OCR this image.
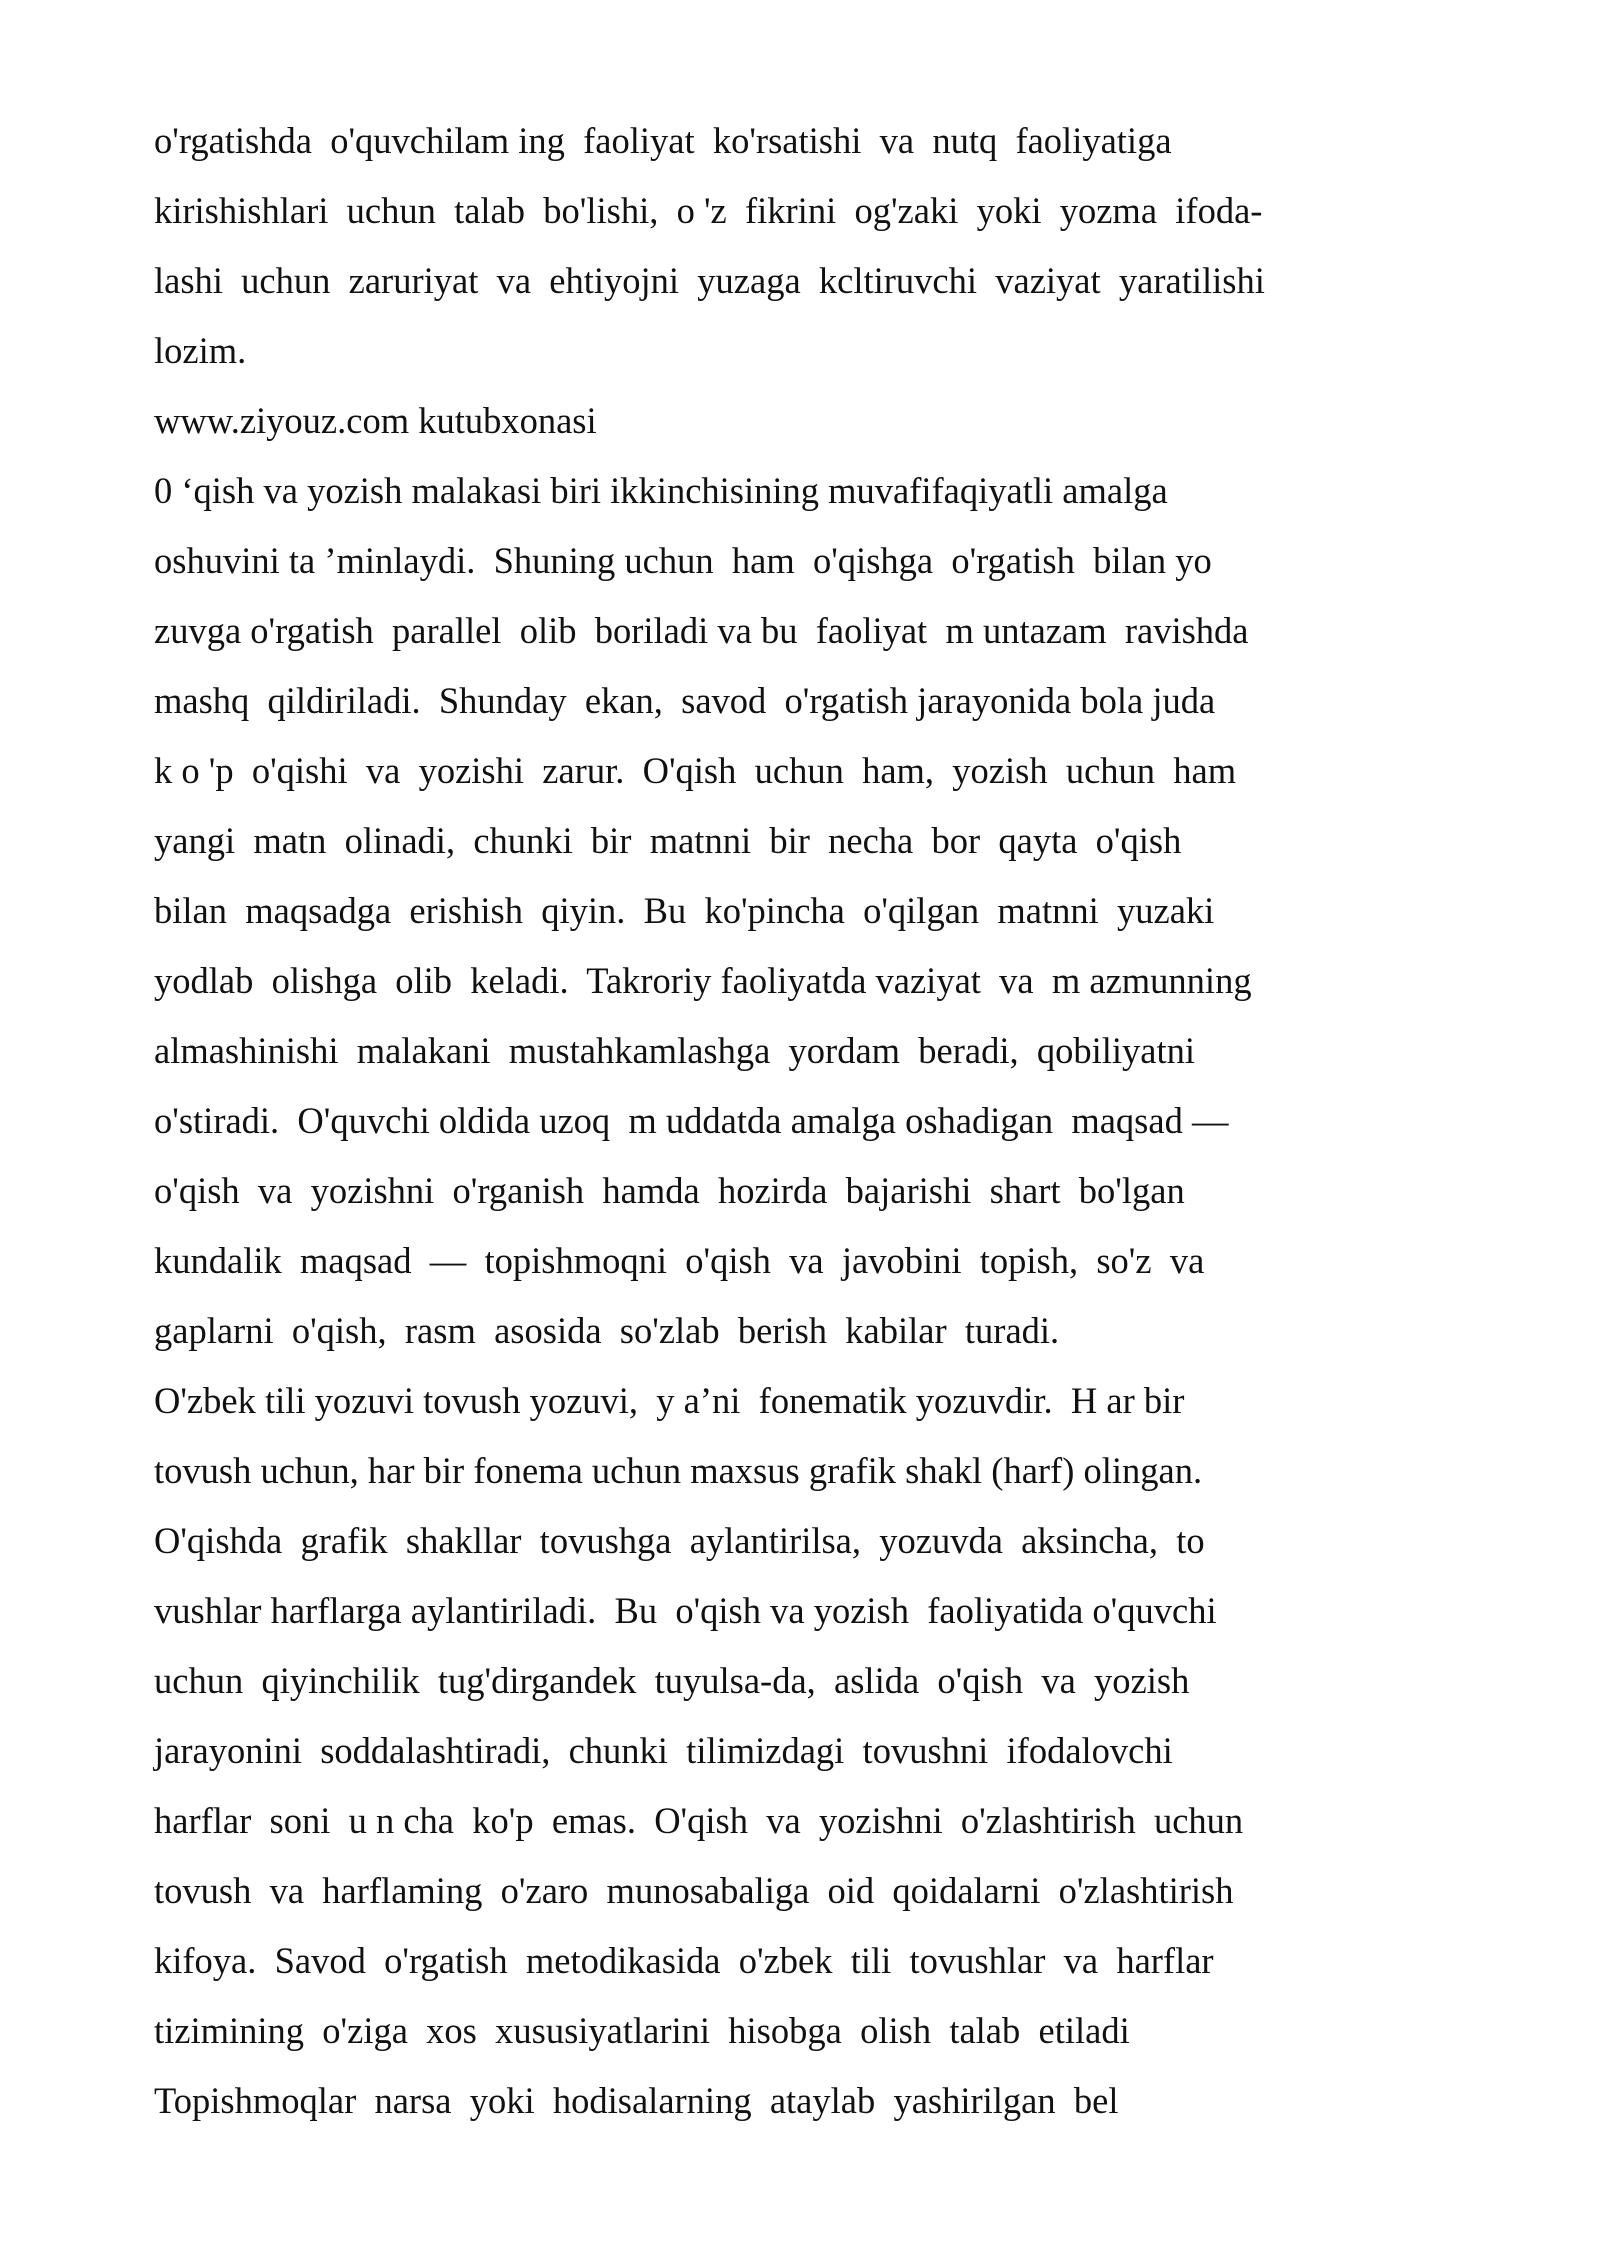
o'rgatishda  o'quvchilam ing  faoliyat  ko'rsatishi  va  nutq  faoliyatiga
kirishishlari  uchun  talab  bo'lishi,  o 'z  fikrini  og'zaki  yoki  yozma  ifoda-
lashi  uchun  zaruriyat  va  ehtiyojni  yuzaga  kcltiruvchi  vaziyat  yaratilishi
lozim.
www.ziyouz.com kutubxonasi
0 ‘qish va yozish malakasi biri ikkinchisining muvafifaqiyatli amalga
oshuvini ta ’minlaydi.  Shuning uchun  ham  o'qishga  o'rgatish  bilan yo
zuvga o'rgatish  parallel  olib  boriladi va bu  faoliyat  m untazam  ravishda
mashq  qildiriladi.  Shunday  ekan,  savod  o'rgatish jarayonida bola juda
k o 'p  o'qishi  va  yozishi  zarur.  O'qish  uchun  ham,  yozish  uchun  ham
yangi  matn  olinadi,  chunki  bir  matnni  bir  necha  bor  qayta  o'qish
bilan  maqsadga  erishish  qiyin.  Bu  ko'pincha  o'qilgan  matnni  yuzaki
yodlab  olishga  olib  keladi.  Takroriy faoliyatda vaziyat  va  m azmunning
almashinishi  malakani  mustahkamlashga  yordam  beradi,  qobiliyatni
o'stiradi.  O'quvchi oldida uzoq  m uddatda amalga oshadigan  maqsad —
o'qish  va  yozishni  o'rganish  hamda  hozirda  bajarishi  shart  bo'lgan
kundalik  maqsad  —  topishmoqni  o'qish  va  javobini  topish,  so'z  va
gaplarni  o'qish,  rasm  asosida  so'zlab  berish  kabilar  turadi.
O'zbek tili yozuvi tovush yozuvi,  y a’ni  fonematik yozuvdir.  H ar bir
tovush uchun, har bir fonema uchun maxsus grafik shakl (harf) olingan.
O'qishda  grafik  shakllar  tovushga  aylantirilsa,  yozuvda  aksincha,  to
vushlar harflarga aylantiriladi.  Bu  o'qish va yozish  faoliyatida o'quvchi
uchun  qiyinchilik  tug'dirgandek  tuyulsa-da,  aslida  o'qish  va  yozish
jarayonini  soddalashtiradi,  chunki  tilimizdagi  tovushni  ifodalovchi
harflar  soni  u n cha  ko'p  emas.  O'qish  va  yozishni  o'zlashtirish  uchun
tovush  va  harflaming  o'zaro  munosabaliga  oid  qoidalarni  o'zlashtirish
kifoya.  Savod  o'rgatish  metodikasida  o'zbek  tili  tovushlar  va  harflar
tizimining  o'ziga  xos  xususiyatlarini  hisobga  olish  talab  etiladi
Topishmoqlar  narsa  yoki  hodisalarning  ataylab  yashirilgan  bel
